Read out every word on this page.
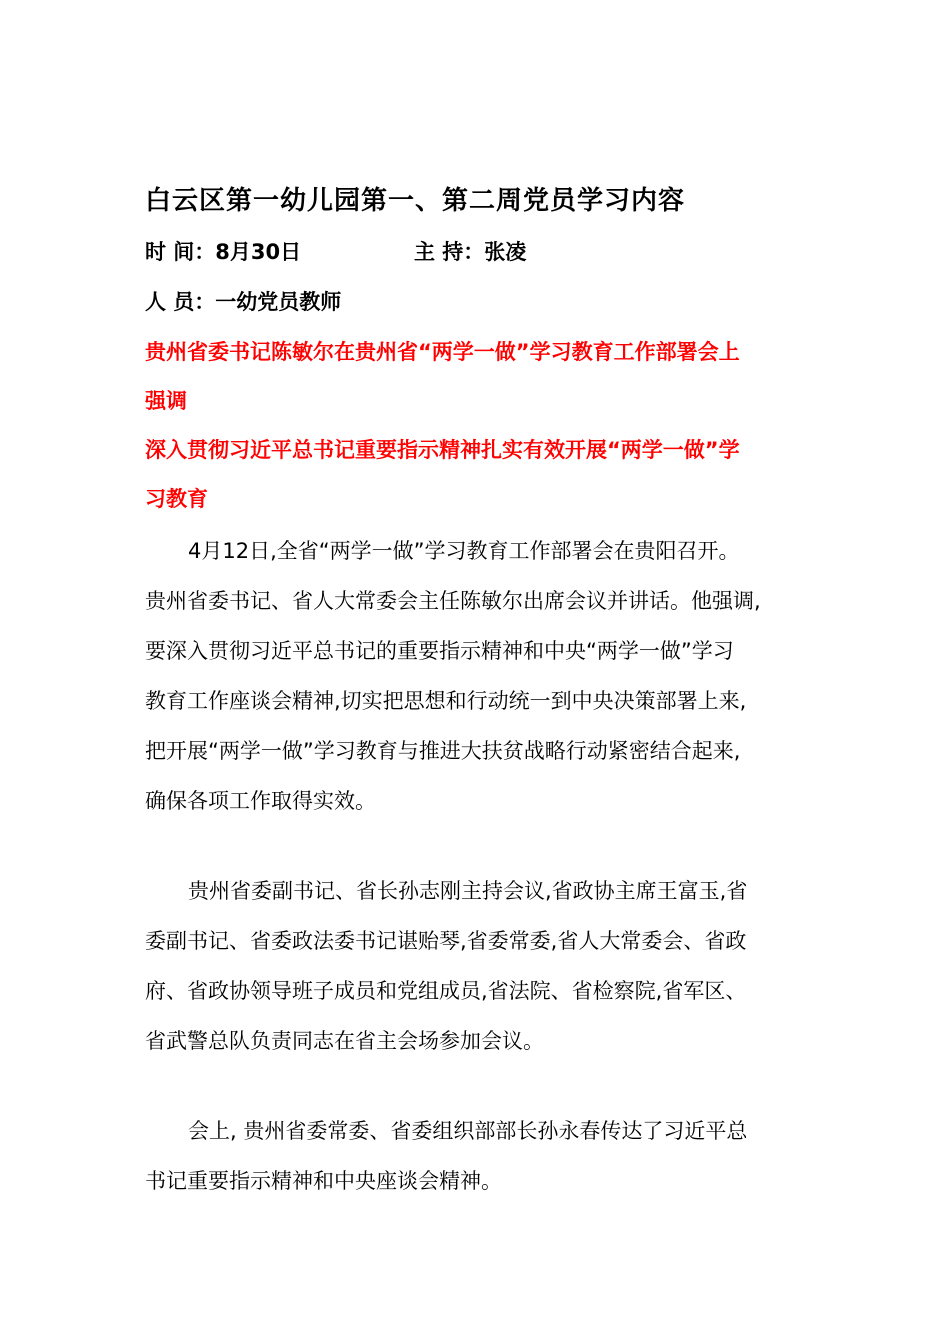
白云区第一幼儿园第一、第二周党员学习内容
时 间：8月30日	主 持：张凌
人 员：一幼党员教师
贵州省委书记陈敏尔在贵州省“两学一做”学习教育工作部署会上
强调
深入贯彻习近平总书记重要指示精神扎实有效开展“两学一做”学
习教育
4月12日,全省“两学一做”学习教育工作部署会在贵阳召开。
贵州省委书记、省人大常委会主任陈敏尔出席会议并讲话。他强调,
要深入贯彻习近平总书记的重要指示精神和中央“两学一做”学习
教育工作座谈会精神,切实把思想和行动统一到中央决策部署上来,
把开展“两学一做”学习教育与推进大扶贫战略行动紧密结合起来,
确保各项工作取得实效。
贵州省委副书记、省长孙志刚主持会议,省政协主席王富玉,省
委副书记、省委政法委书记谌贻琴,省委常委,省人大常委会、省政
府、省政协领导班子成员和党组成员,省法院、省检察院,省军区、
省武警总队负责同志在省主会场参加会议。
会上, 贵州省委常委、省委组织部部长孙永春传达了习近平总
书记重要指示精神和中央座谈会精神。
